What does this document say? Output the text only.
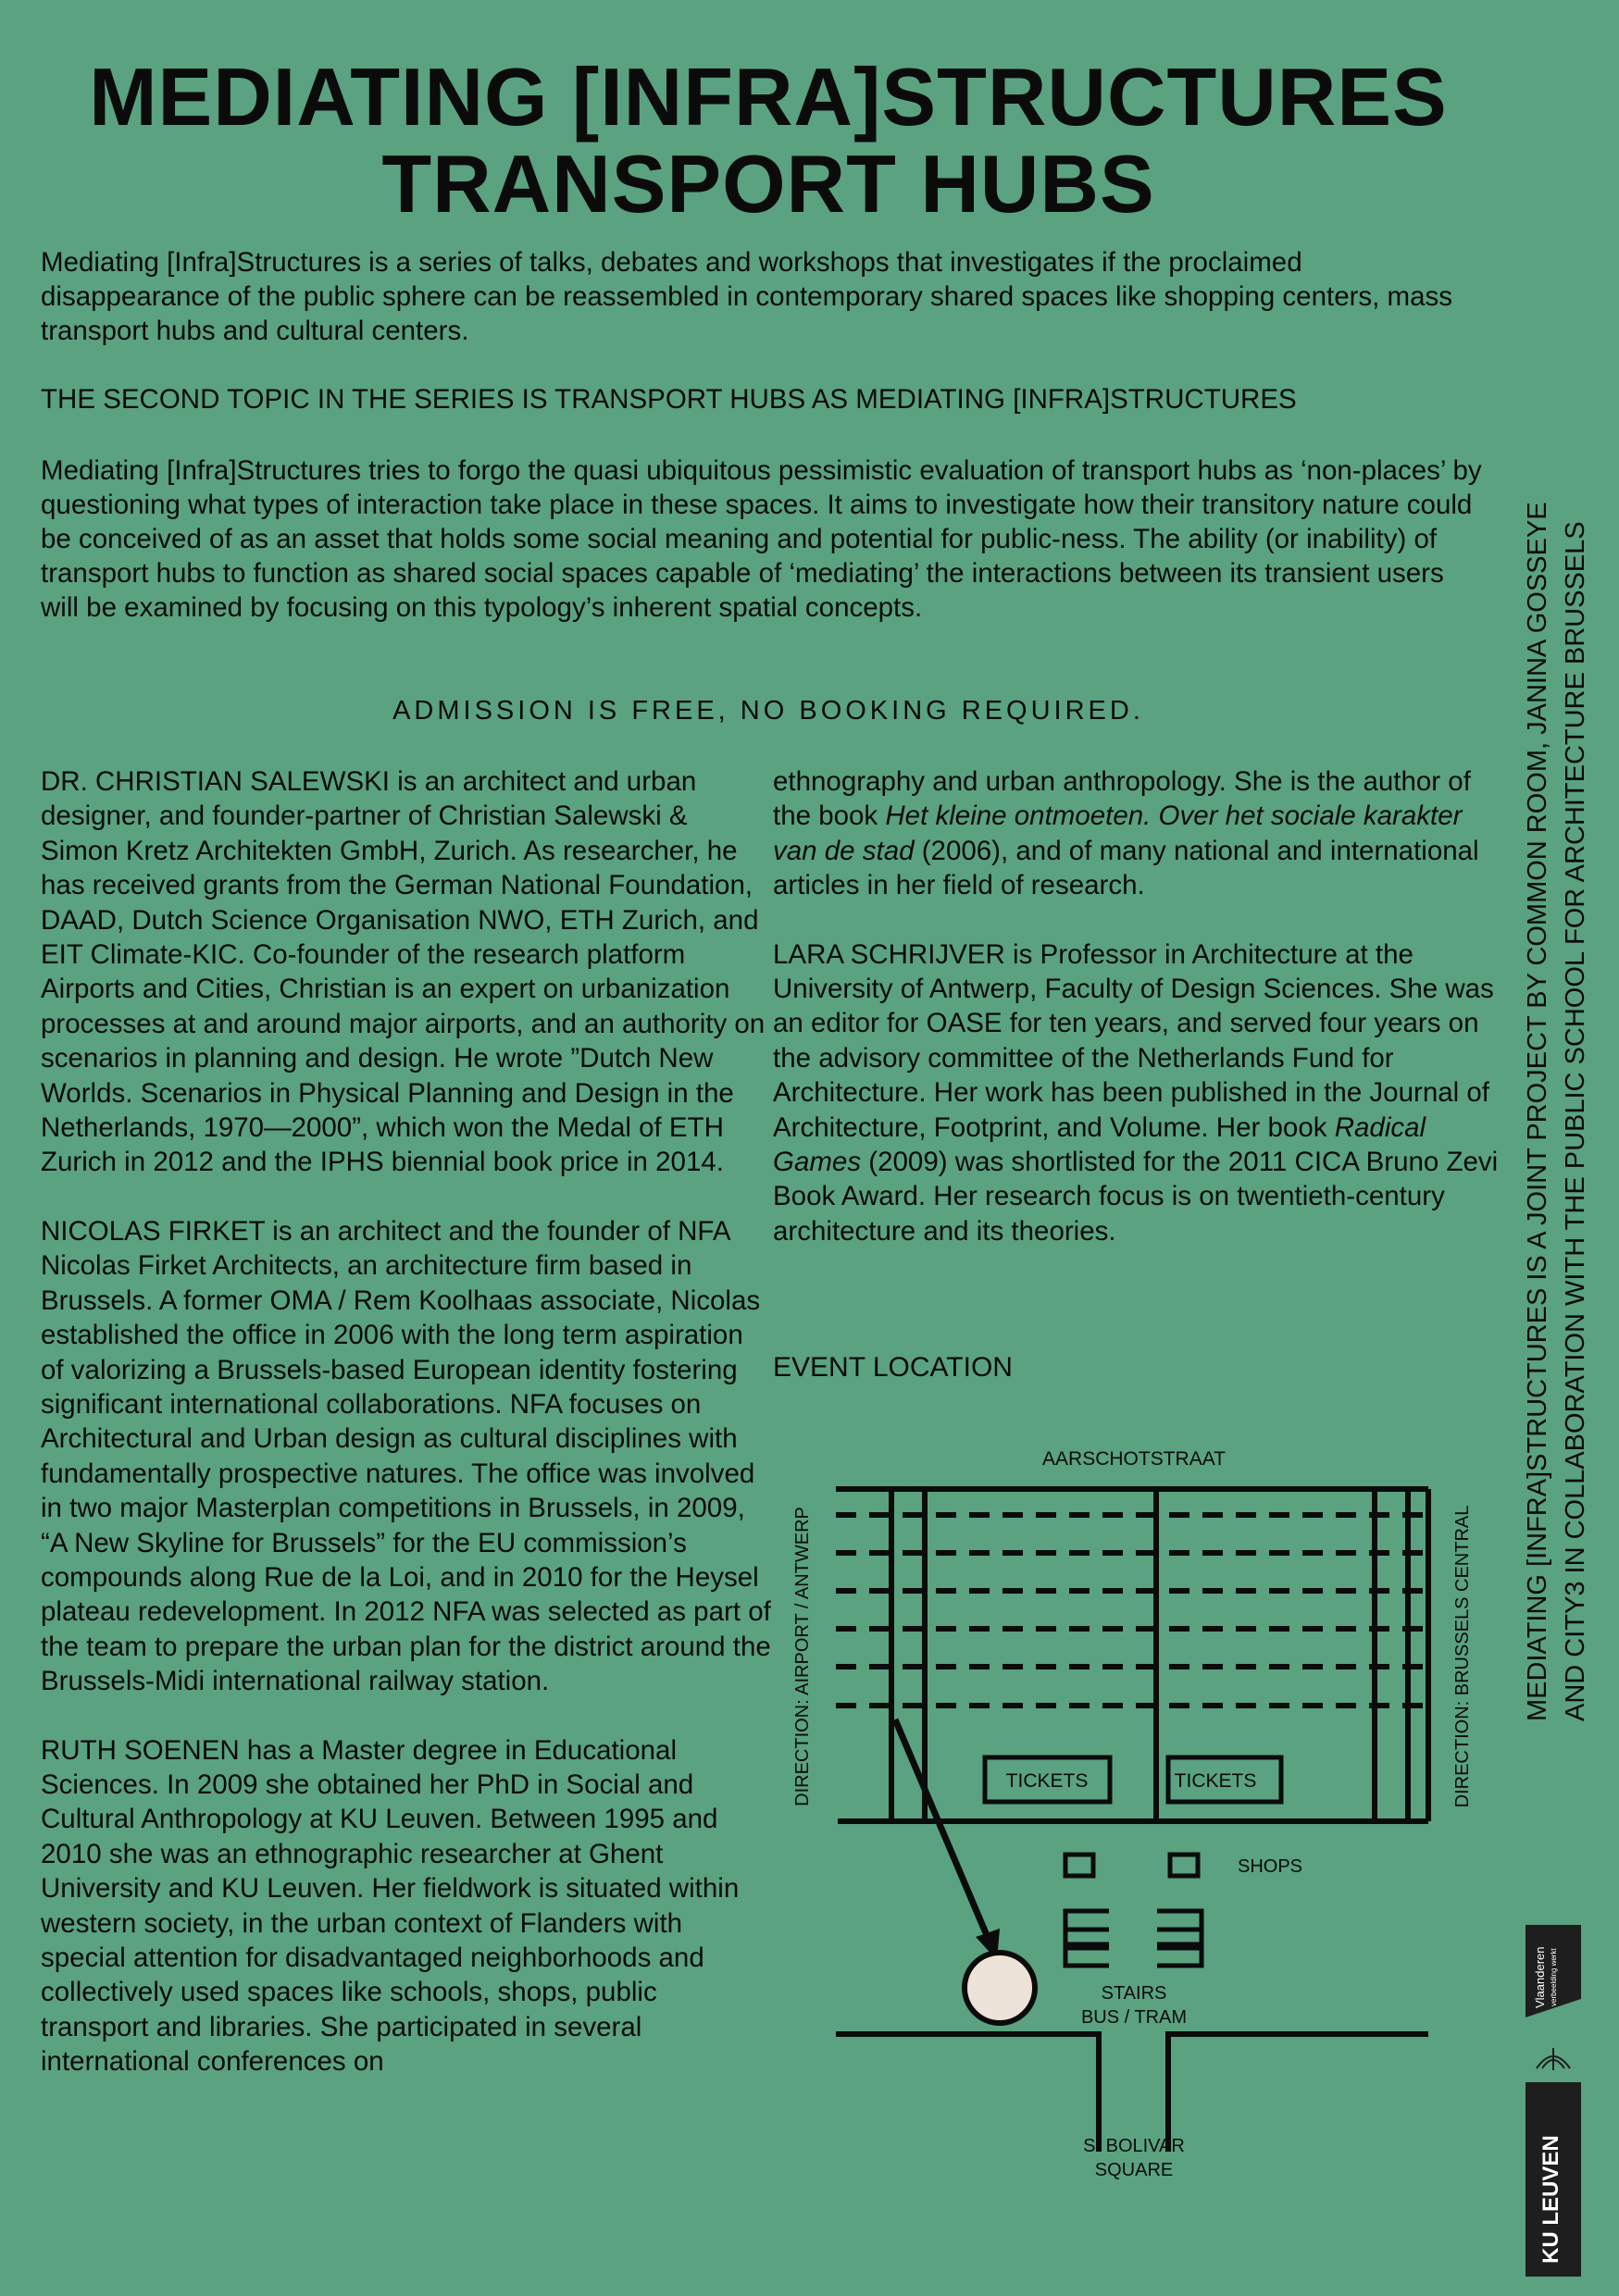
MEDIATING [INFRA]STRUCTURES
TRANSPORT HUBS
Mediating [Infra]Structures is a series of talks, debates and workshops that investigates if the proclaimed disappearance of the public sphere can be reassembled in contemporary shared spaces like shopping centers, mass transport hubs and cultural centers.
THE SECOND TOPIC IN THE SERIES IS TRANSPORT HUBS AS MEDIATING [INFRA]STRUCTURES
Mediating [Infra]Structures tries to forgo the quasi ubiquitous pessimistic evaluation of transport hubs as ‘non-places’ by questioning what types of interaction take place in these spaces. It aims to investigate how their transitory nature could be conceived of as an asset that holds some social meaning and potential for public-ness. The ability (or inability) of transport hubs to function as shared social spaces capable of ‘mediating’ the interactions between its transient users will be examined by focusing on this typology’s inherent spatial concepts.
ADMISSION IS FREE, NO BOOKING REQUIRED.

DR. CHRISTIAN SALEWSKI is an architect and urban designer, and founder-partner of Christian Salewski & Simon Kretz Architekten GmbH, Zurich. As researcher, he has received grants from the German National Foundation, DAAD, Dutch Science Organisation NWO, ETH Zurich, and EIT Climate-KIC. Co-founder of the research platform Airports and Cities, Christian is an expert on urbanization processes at and around major airports, and an authority on scenarios in planning and design. He wrote ”Dutch New Worlds. Scenarios in Physical Planning and Design in the Netherlands, 1970—2000”, which won the Medal of ETH Zurich in 2012 and the IPHS biennial book price in 2014.

NICOLAS FIRKET is an architect and the founder of NFA Nicolas Firket Architects, an architecture firm based in Brussels. A former OMA / Rem Koolhaas associate, Nicolas established the office in 2006 with the long term aspiration of valorizing a Brussels-based European identity fostering significant international collaborations. NFA focuses on Architectural and Urban design as cultural disciplines with fundamentally prospective natures. The office was involved in two major Masterplan competitions in Brussels, in 2009, “A New Skyline for Brussels” for the EU commission’s compounds along Rue de la Loi, and in 2010 for the Heysel plateau redevelopment. In 2012 NFA was selected as part of the team to prepare the urban plan for the district around the Brussels-Midi international railway station.

RUTH SOENEN has a Master degree in Educational Sciences. In 2009 she obtained her PhD in Social and Cultural Anthropology at KU Leuven. Between 1995 and 2010 she was an ethnographic researcher at Ghent University and KU Leuven. Her fieldwork is situated within western society, in the urban context of Flanders with special attention for disadvantaged neighborhoods and collectively used spaces like schools, shops, public transport and libraries. She participated in several international conferences on

ethnography and urban anthropology. She is the author of the book Het kleine ontmoeten. Over het sociale karakter van de stad (2006), and of many national and international articles in her field of research.

LARA SCHRIJVER is Professor in Architecture at the University of Antwerp, Faculty of Design Sciences. She was an editor for OASE for ten years, and served four years on the advisory committee of the Netherlands Fund for Architecture. Her work has been published in the Journal of Architecture, Footprint, and Volume. Her book Radical Games (2009) was shortlisted for the 2011 CICA Bruno Zevi Book Award. Her research focus is on twentieth-century architecture and its theories.

EVENT LOCATION
AARSCHOTSTRAAT
TICKETS	TICKETS
SHOPS
STAIRS
BUS / TRAM
S. BOLIVAR
SQUARE
DIRECTION: AIRPORT / ANTWERP	DIRECTION: BRUSSELS CENTRAL MEDIATING [INFRA]STRUCTURES IS A JOINT PROJECT BY COMMON ROOM, JANINA GOSSEYE AND CITY3 IN COLLABORATION WITH THE PUBLIC SCHOOL FOR ARCHITECTURE BRUSSELS
Vlaanderen verbeelding werkt
KU LEUVEN
